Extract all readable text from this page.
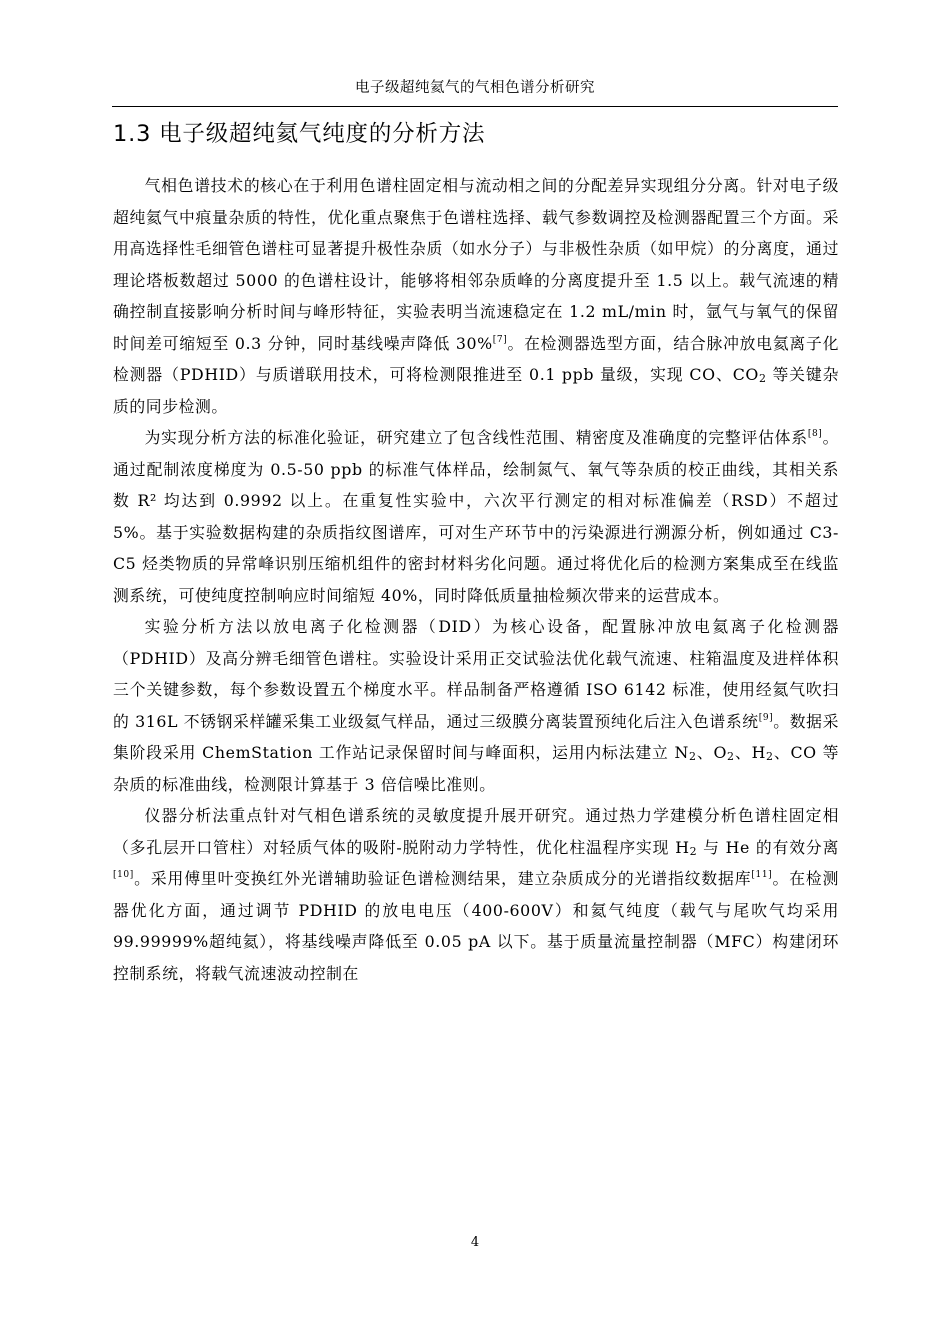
电子级超纯氦气的气相色谱分析研究
1.3 电子级超纯氦气纯度的分析方法

气相色谱技术的核心在于利用色谱柱固定相与流动相之间的分配差异实现组分分离。针对电子级超纯氦气中痕量杂质的特性，优化重点聚焦于色谱柱选择、载气参数调控及检测器配置三个方面。采用高选择性毛细管色谱柱可显著提升极性杂质（如水分子）与非极性杂质（如甲烷）的分离度，通过理论塔板数超过 5000 的色谱柱设计，能够将相邻杂质峰的分离度提升至 1.5 以上。载气流速的精确控制直接影响分析时间与峰形特征，实验表明当流速稳定在 1.2 mL/min 时，氩气与氧气的保留时间差可缩短至 0.3 分钟，同时基线噪声降低 30%[7]。在检测器选型方面，结合脉冲放电氦离子化检测器（PDHID）与质谱联用技术，可将检测限推进至 0.1 ppb 量级，实现 CO、$CO_2$ 等关键杂质的同步检测。

为实现分析方法的标准化验证，研究建立了包含线性范围、精密度及准确度的完整评估体系[8]。通过配制浓度梯度为 0.5-50 ppb 的标准气体样品，绘制氮气、氧气等杂质的校正曲线，其相关系数 R² 均达到 0.9992 以上。在重复性实验中，六次平行测定的相对标准偏差（RSD）不超过 5%。基于实验数据构建的杂质指纹图谱库，可对生产环节中的污染源进行溯源分析，例如通过 C3-C5 烃类物质的异常峰识别压缩机组件的密封材料劣化问题。通过将优化后的检测方案集成至在线监测系统，可使纯度控制响应时间缩短 40%，同时降低质量抽检频次带来的运营成本。

实验分析方法以放电离子化检测器（DID）为核心设备，配置脉冲放电氦离子化检测器（PDHID）及高分辨毛细管色谱柱。实验设计采用正交试验法优化载气流速、柱箱温度及进样体积三个关键参数，每个参数设置五个梯度水平。样品制备严格遵循 ISO 6142 标准，使用经氦气吹扫的 316L 不锈钢采样罐采集工业级氦气样品，通过三级膜分离装置预纯化后注入色谱系统[9]。数据采集阶段采用 ChemStation 工作站记录保留时间与峰面积，运用内标法建立 $N_2$、$O_2$、$H_2$、CO 等杂质的标准曲线，检测限计算基于 3 倍信噪比准则。

仪器分析法重点针对气相色谱系统的灵敏度提升展开研究。通过热力学建模分析色谱柱固定相（多孔层开口管柱）对轻质气体的吸附-脱附动力学特性，优化柱温程序实现 $H_2$ 与 He 的有效分离[10]。采用傅里叶变换红外光谱辅助验证色谱检测结果，建立杂质成分的光谱指纹数据库[11]。在检测器优化方面，通过调节 PDHID 的放电电压（400-600V）和氦气纯度（载气与尾吹气均采用 99.99999%超纯氦），将基线噪声降低至 0.05 pA 以下。基于质量流量控制器（MFC）构建闭环控制系统，将载气流速波动控制在

4
